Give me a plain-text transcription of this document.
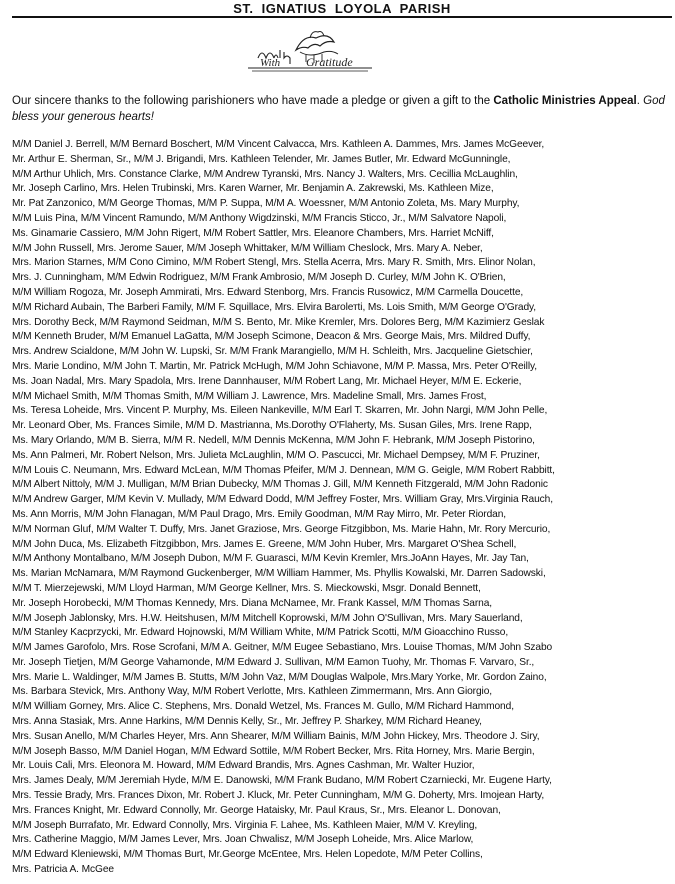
ST. IGNATIUS LOYOLA PARISH
Gratitude
With
Our sincere thanks to the following parishioners who have made a pledge or given a gift to the Catholic Ministries Appeal. God bless your generous hearts!
M/M Daniel J. Berrell, M/M Bernard Boschert, M/M Vincent Calvacca, Mrs. Kathleen A. Dammes, Mrs. James McGeever,
Mr. Arthur E. Sherman, Sr., M/M J. Brigandi, Mrs. Kathleen Telender, Mr. James Butler, Mr. Edward McGunningle,
M/M Arthur Uhlich, Mrs. Constance Clarke, M/M Andrew Tyranski, Mrs. Nancy J. Walters, Mrs. Cecillia McLaughlin,
Mr. Joseph Carlino, Mrs. Helen Trubinski, Mrs. Karen Warner, Mr. Benjamin A. Zakrewski, Ms. Kathleen Mize,
Mr. Pat Zanzonico, M/M George Thomas, M/M P. Suppa, M/M A. Woessner, M/M Antonio Zoleta, Ms. Mary Murphy,
M/M Luis Pina, M/M Vincent Ramundo, M/M Anthony Wigdzinski, M/M Francis Sticco, Jr., M/M Salvatore Napoli,
Ms. Ginamarie Cassiero, M/M John Rigert, M/M Robert Sattler, Mrs. Eleanore Chambers, Mrs. Harriet McNiff,
M/M John Russell, Mrs. Jerome Sauer, M/M Joseph Whittaker, M/M William Cheslock, Mrs. Mary A. Neber,
Mrs. Marion Starnes, M/M Cono Cimino, M/M Robert Stengl, Mrs. Stella Acerra, Mrs. Mary R. Smith, Mrs. Elinor Nolan,
Mrs. J. Cunningham, M/M Edwin Rodriguez, M/M Frank Ambrosio, M/M Joseph D. Curley, M/M John K. O'Brien,
M/M William Rogoza, Mr. Joseph Ammirati, Mrs. Edward Stenborg, Mrs. Francis Rusowicz, M/M Carmella Doucette,
M/M Richard Aubain, The Barberi Family, M/M F. Squillace, Mrs. Elvira Barolетti, Ms. Lois Smith, M/M George O'Grady,
Mrs. Dorothy Beck, M/M Raymond Seidman, M/M S. Bento, Mr. Mike Kremler, Mrs. Dolores Berg, M/M Kazimierz Geslak
M/M Kenneth Bruder, M/M Emanuel LaGatta, M/M Joseph Scimone, Deacon & Mrs. George Mais, Mrs. Mildred Duffy,
Mrs. Andrew Scialdone, M/M John W. Lupski, Sr. M/M Frank Marangiello, M/M H. Schleith, Mrs. Jacqueline Gietschier,
Mrs. Marie Londino, M/M John T. Martin, Mr. Patrick McHugh, M/M John Schiavone, M/M P. Massa, Mrs. Peter O'Reilly,
Ms. Joan Nadal, Mrs. Mary Spadola, Mrs. Irene Dannhauser, M/M Robert Lang, Mr. Michael Heyer, M/M E. Eckerie,
M/M Michael Smith, M/M Thomas Smith, M/M William J. Lawrence, Mrs. Madeline Small, Mrs. James Frost,
Ms. Teresa Loheide, Mrs. Vincent P. Murphy, Ms. Eileen Nankeville, M/M Earl T. Skarren, Mr. John Nargi, M/M John Pelle,
Mr. Leonard Ober, Ms. Frances Simile, M/M D. Mastrianna, Ms.Dorothy O'Flaherty, Ms. Susan Giles, Mrs. Irene Rapp,
Ms. Mary Orlando, M/M B. Sierra, M/M R. Nedell, M/M Dennis McKenna, M/M John F. Hebrank, M/M Joseph Pistorino,
Ms. Ann Palmeri, Mr. Robert Nelson, Mrs. Julieta McLaughlin, M/M O. Pascucci, Mr. Michael Dempsey, M/M F. Pruziner,
M/M Louis C. Neumann, Mrs. Edward McLean, M/M Thomas Pfeifer, M/M J. Dennean, M/M G. Geigle, M/M Robert Rabbitt,
M/M Albert Nittoly, M/M J. Mulligan, M/M Brian Dubecky, M/M Thomas J. Gill, M/M Kenneth Fitzgerald, M/M John Radonic
M/M Andrew Garger, M/M Kevin V. Mullady, M/M Edward Dodd, M/M Jeffrey Foster, Mrs. William Gray, Mrs.Virginia Rauch,
Ms. Ann Morris, M/M John Flanagan, M/M Paul Drago, Mrs. Emily Goodman, M/M Ray Mirro, Mr. Peter Riordan,
M/M Norman Gluf, M/M Walter T. Duffy, Mrs. Janet Graziose, Mrs. George Fitzgibbon, Ms. Marie Hahn, Mr. Rory Mercurio,
M/M John Duca, Ms. Elizabeth Fitzgibbon, Mrs. James E. Greene, M/M John Huber, Mrs. Margaret O'Shea Schell,
M/M Anthony Montalbano, M/M Joseph Dubon, M/M F. Guarasci, M/M Kevin Kremler, Mrs.JoAnn Hayes, Mr. Jay Tan,
Ms. Marian McNamara, M/M Raymond Guckenberger, M/M William Hammer, Ms. Phyllis Kowalski, Mr. Darren Sadowski,
M/M T. Mierzejewski, M/M Lloyd Harman, M/M George Kellner, Mrs. S. Mieckowski, Msgr. Donald Bennett,
Mr. Joseph Horobecki, M/M Thomas Kennedy, Mrs. Diana McNamee, Mr. Frank Kassel, M/M Thomas Sarna,
M/M Joseph Jablonsky, Mrs. H.W. Heitshusen, M/M Mitchell Koprowski, M/M John O'Sullivan, Mrs. Mary Sauerland,
M/M Stanley Kacprzycki, Mr. Edward Hojnowski, M/M William White, M/M Patrick Scotti, M/M Gioacchino Russo,
M/M James Garofolo, Mrs. Rose Scrofani, M/M A. Geitner, M/M Eugee Sebastiano, Mrs. Louise Thomas, M/M John Szabo
Mr. Joseph Tietjen, M/M George Vahamonde, M/M Edward J. Sullivan, M/M Eamon Tuohy, Mr. Thomas F. Varvaro, Sr.,
Mrs. Marie L. Waldinger, M/M James B. Stutts, M/M John Vaz, M/M Douglas Walpole, Mrs.Mary Yorke, Mr. Gordon Zaino,
Ms. Barbara Stevick, Mrs. Anthony Way, M/M Robert Verlotte, Mrs. Kathleen Zimmermann, Mrs. Ann Giorgio,
M/M William Gorney, Mrs. Alice C. Stephens, Mrs. Donald Wetzel, Ms. Frances M. Gullo, M/M Richard Hammond,
Mrs. Anna Stasiak, Mrs. Anne Harkins, M/M Dennis Kelly, Sr., Mr. Jeffrey P. Sharkey, M/M Richard Heaney,
Mrs. Susan Anello, M/M Charles Heyer, Mrs. Ann Shearer, M/M William Bainis, M/M John Hickey, Mrs. Theodore J. Siry,
M/M Joseph Basso, M/M Daniel Hogan, M/M Edward Sottile, M/M Robert Becker, Mrs. Rita Horney, Mrs. Marie Bergin,
Mr. Louis Cali, Mrs. Eleonora M. Howard, M/M Edward Brandis, Mrs. Agnes Cashman, Mr. Walter Huzior,
Mrs. James Dealy, M/M Jeremiah Hyde, M/M E. Danowski, M/M Frank Budano, M/M Robert Czarniecki, Mr. Eugene Harty,
Mrs. Tessie Brady, Mrs. Frances Dixon, Mr. Robert J. Kluck, Mr. Peter Cunningham, M/M G. Doherty, Mrs. Imojean Harty,
Mrs. Frances Knight, Mr. Edward Connolly, Mr. George Hataisky, Mr. Paul Kraus, Sr., Mrs. Eleanor L. Donovan,
M/M Joseph Burrafato, Mr. Edward Connolly, Mrs. Virginia F. Lahee, Ms. Kathleen Maier, M/M V. Kreyling,
Mrs. Catherine Maggio, M/M James Lever, Mrs. Joan Chwalisz, M/M Joseph Loheide, Mrs. Alice Marlow,
M/M Edward Kleniewski, M/M Thomas Burt, Mr.George McEntee, Mrs. Helen Lopedote, M/M Peter Collins,
Mrs. Patricia A. McGee
